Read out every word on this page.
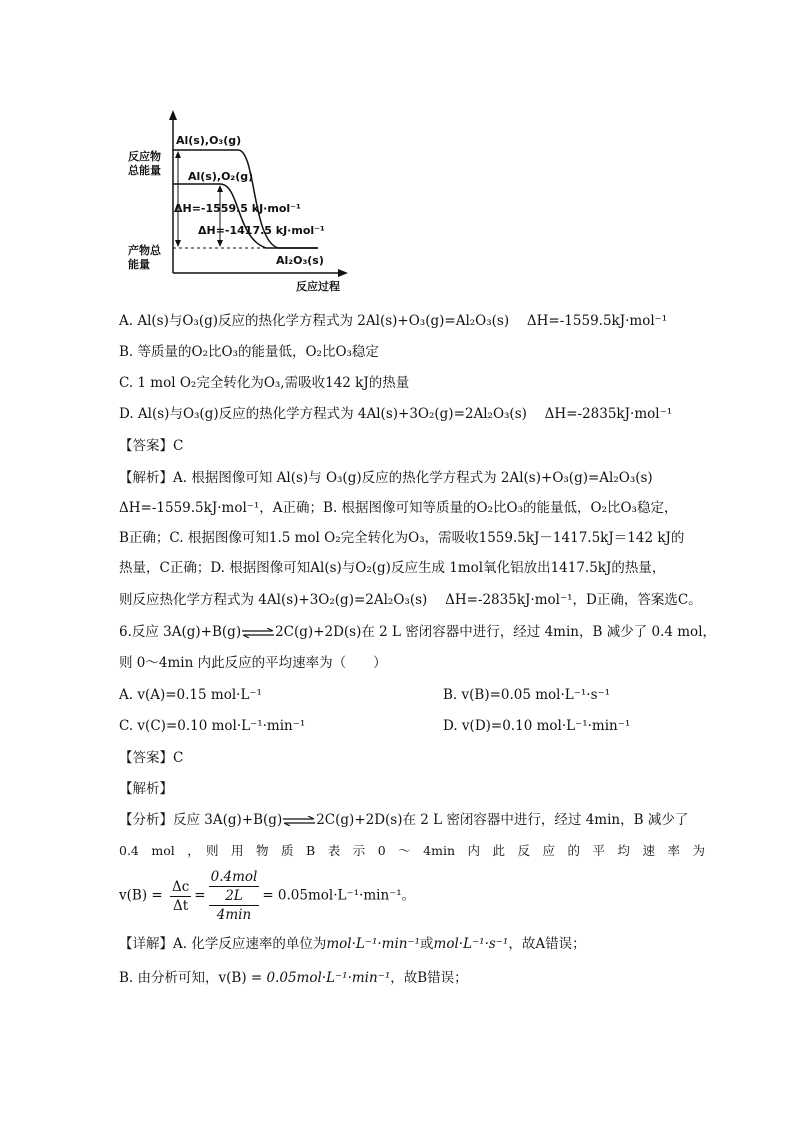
Al(s),O₃(g)
Al(s),O₂(g)
ΔH=-1559.5 kJ·mol⁻¹
ΔH=-1417.5 kJ·mol⁻¹
Al₂O₃(s)
反应过程
反应物总能量
产物总能量
A. Al(s)与O₃(g)反应的热化学方程式为 2Al(s)+O₃(g)=Al₂O₃(s)　 ΔH=-1559.5kJ·mol⁻¹
B. 等质量的O₂比O₃的能量低，O₂比O₃稳定
C. 1 mol O₂完全转化为O₃,需吸收142 kJ的热量
D. Al(s)与O₃(g)反应的热化学方程式为 4Al(s)+3O₂(g)=2Al₂O₃(s)　 ΔH=-2835kJ·mol⁻¹
【答案】C
【解析】A. 根据图像可知 Al(s)与 O₃(g)反应的热化学方程式为 2Al(s)+O₃(g)=Al₂O₃(s)
ΔH=-1559.5kJ·mol⁻¹，A正确；B. 根据图像可知等质量的O₂比O₃的能量低，O₂比O₃稳定，
B正确；C. 根据图像可知1.5 mol O₂完全转化为O₃，需吸收1559.5kJ－1417.5kJ＝142 kJ的
热量，C正确；D. 根据图像可知Al(s)与O₂(g)反应生成 1mol氧化铝放出1417.5kJ的热量，
则反应热化学方程式为 4Al(s)+3O₂(g)=2Al₂O₃(s)　 ΔH=-2835kJ·mol⁻¹，D正确，答案选C。
6.反应 3A(g)+B(g)⇌2C(g)+2D(s)在 2 L 密闭容器中进行，经过 4min，B 减少了 0.4 mol，
则 0～4min 内此反应的平均速率为（　　）
A. v(A)=0.15 mol·L⁻¹	B. v(B)=0.05 mol·L⁻¹·s⁻¹
C. v(C)=0.10 mol·L⁻¹·min⁻¹	D. v(D)=0.10 mol·L⁻¹·min⁻¹
【答案】C
【解析】
【分析】反应 3A(g)+B(g)⇌2C(g)+2D(s)在 2 L 密闭容器中进行，经过 4min，B 减少了
0.4　mol　，　则　用　物　质　B　表　示　0　～　4min　内　此　反　应　的　平　均　速　率　为
$v(B) = \frac{\Delta c}{\Delta t}$ =
0.4mol
2L
4min
= 0.05mol·L⁻¹·min⁻¹。
【详解】A. 化学反应速率的单位为mol·L⁻¹·min⁻¹或mol·L⁻¹·s⁻¹，故A错误；
B. 由分析可知，v(B) = 0.05mol·L⁻¹·min⁻¹，故B错误；
